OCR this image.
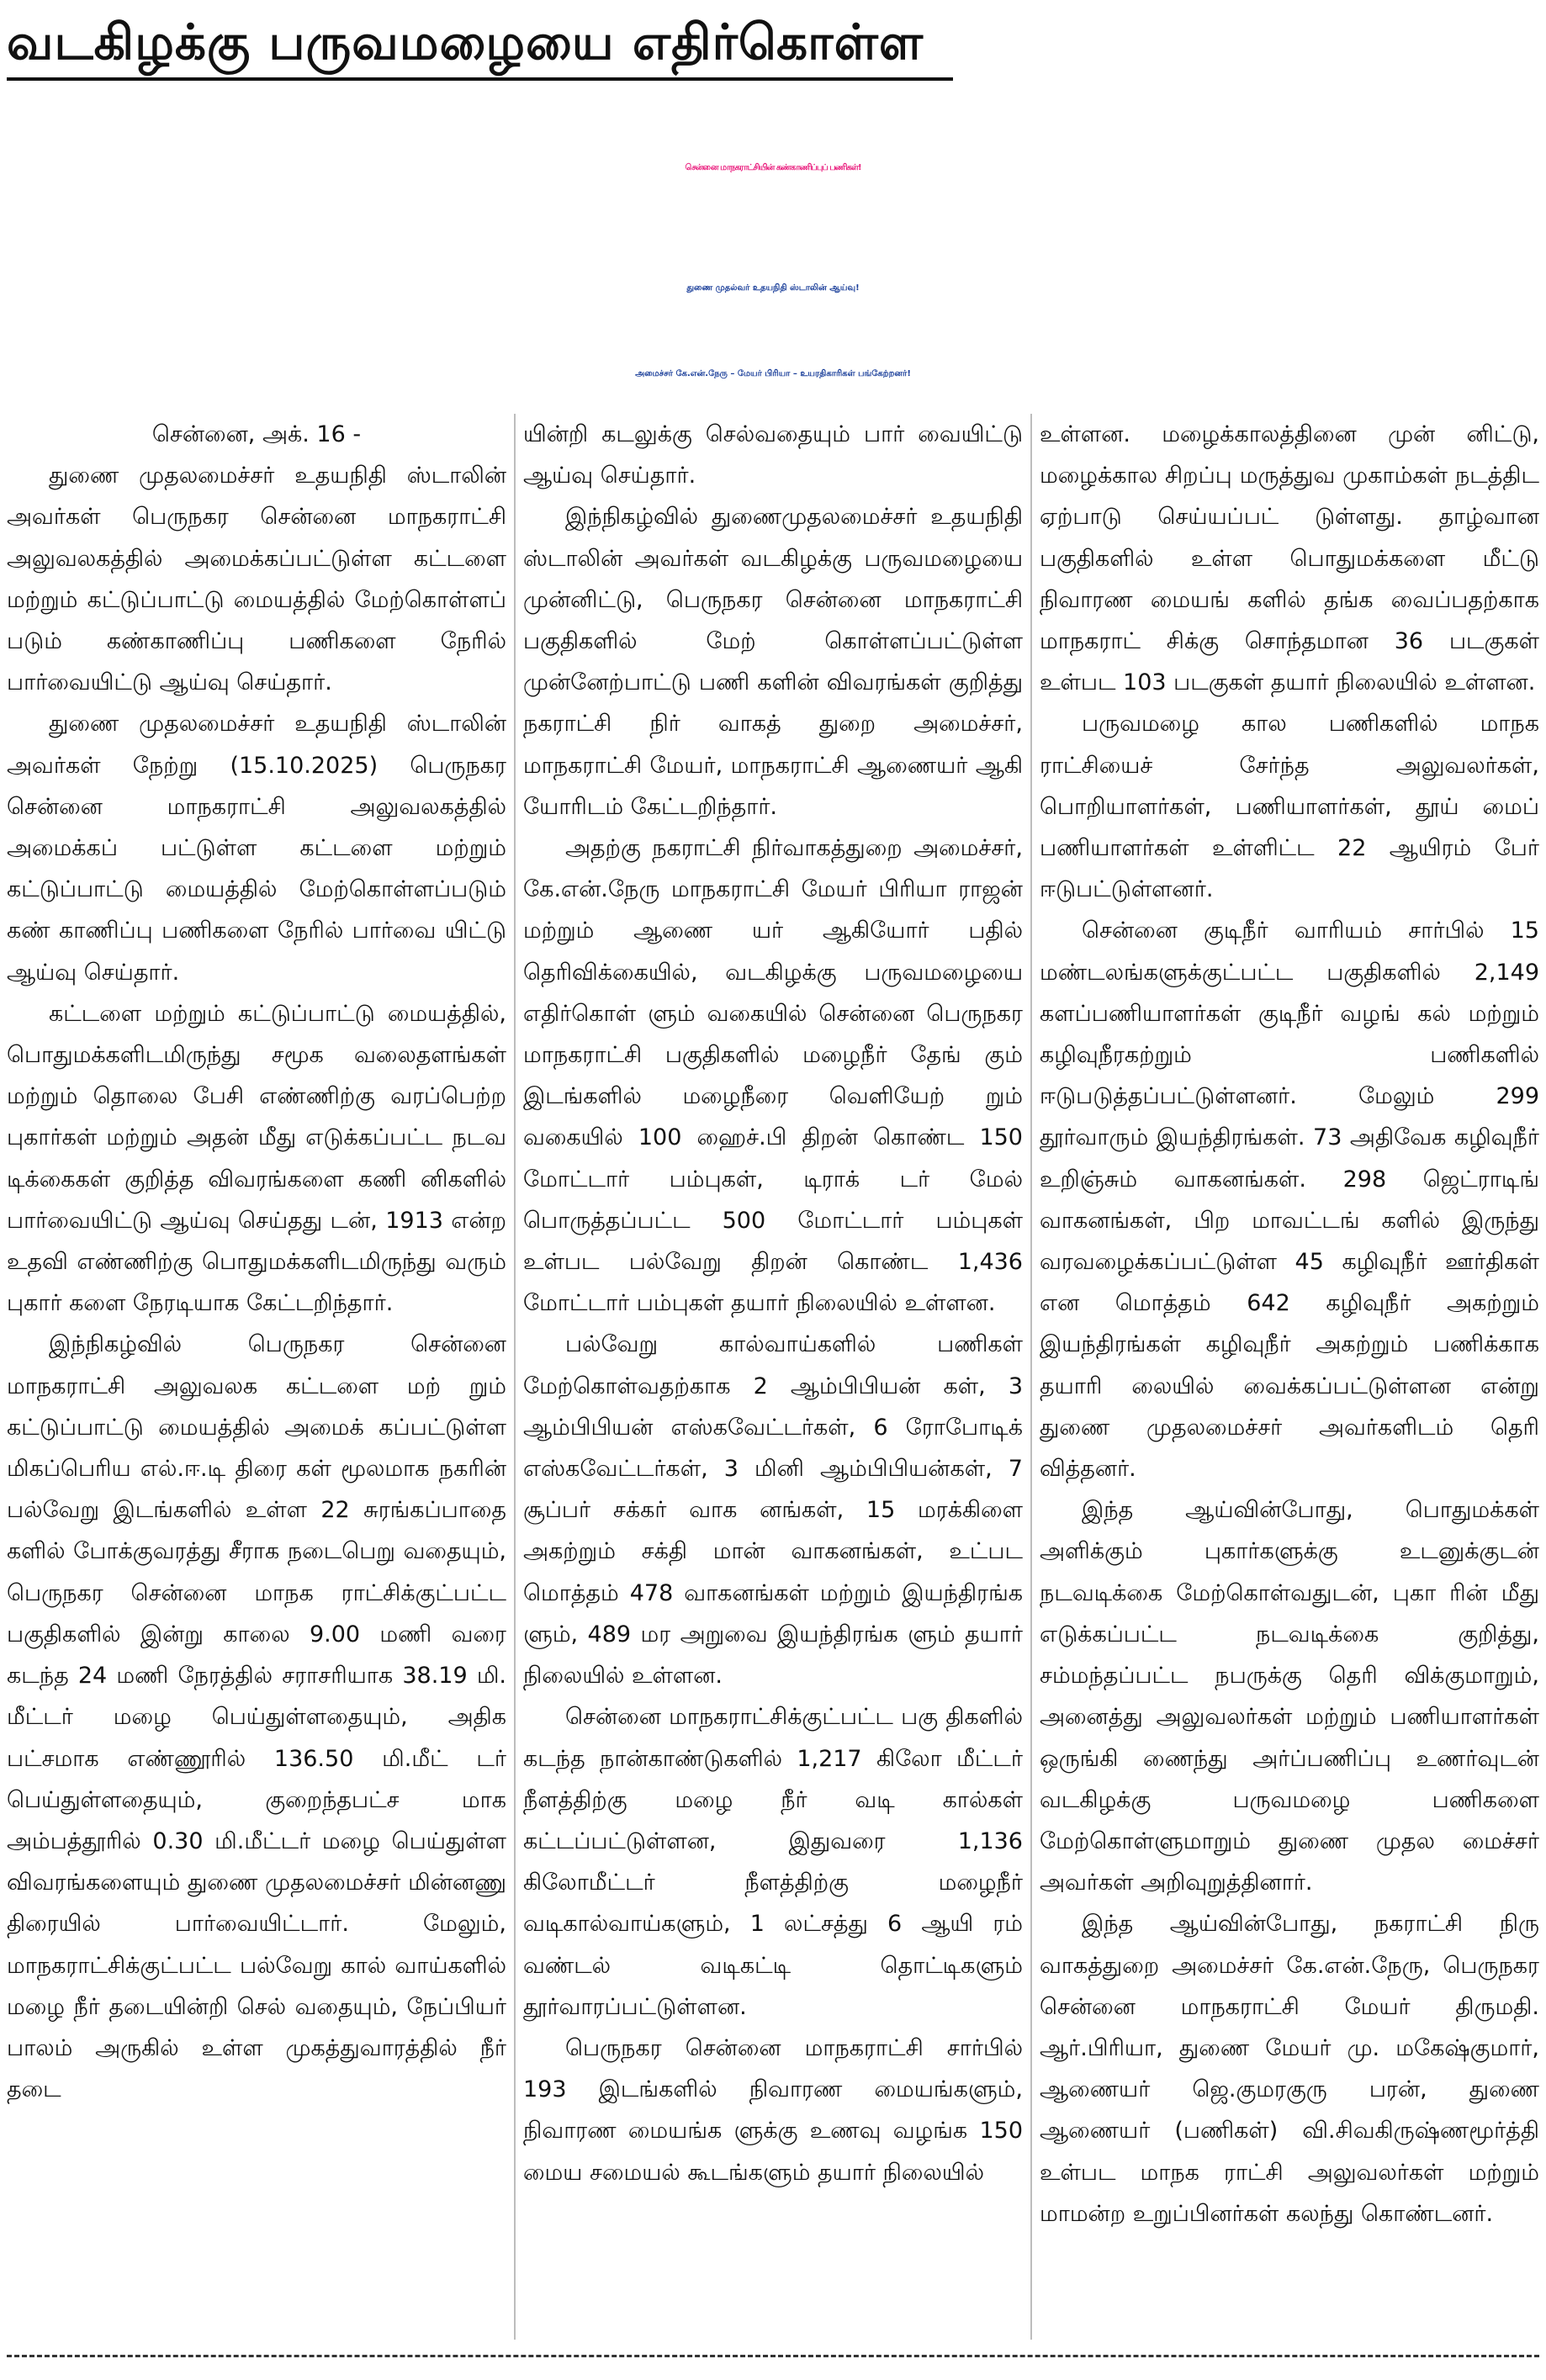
வடகிழக்கு பருவமழையை எதிர்கொள்ள
சென்னை மாநகராட்சியின் கண்காணிப்புப் பணிகள்!
துணை முதல்வர் உதயநிதி ஸ்டாலின் ஆய்வு!
அமைச்சர் கே.என்.நேரு – மேயர் பிரியா – உயரதிகாரிகள் பங்கேற்றனர்!

சென்னை, அக். 16 -

துணை முதலமைச்சர் உதயநிதி ஸ்டாலின் அவர்கள் பெருநகர சென்னை மாநகராட்சி அலுவலகத்தில் அமைக்கப்பட்டுள்ள கட்டளை மற்றும் கட்டுப்பாட்டு மையத்தில் மேற்கொள்ளப் படும் கண்காணிப்பு பணிகளை நேரில் பார்வையிட்டு ஆய்வு செய்தார்.

துணை முதலமைச்சர் உதயநிதி ஸ்டாலின் அவர்கள் நேற்று (15.10.2025) பெருநகர சென்னை மாநகராட்சி அலுவலகத்தில் அமைக்கப் பட்டுள்ள கட்டளை மற்றும் கட்டுப்பாட்டு மையத்தில் மேற்கொள்ளப்படும் கண் காணிப்பு பணிகளை நேரில் பார்வை யிட்டு ஆய்வு செய்தார்.

கட்டளை மற்றும் கட்டுப்பாட்டு மையத்தில், பொதுமக்களிடமிருந்து சமூக வலைதளங்கள் மற்றும் தொலை பேசி எண்ணிற்கு வரப்பெற்ற புகார்கள் மற்றும் அதன் மீது எடுக்கப்பட்ட நடவ டிக்கைகள் குறித்த விவரங்களை கணி னிகளில் பார்வையிட்டு ஆய்வு செய்தது டன், 1913 என்ற உதவி எண்ணிற்கு பொதுமக்களிடமிருந்து வரும் புகார் களை நேரடியாக கேட்டறிந்தார்.

இந்நிகழ்வில் பெருநகர சென்னை மாநகராட்சி அலுவலக கட்டளை மற் றும் கட்டுப்பாட்டு மையத்தில் அமைக் கப்பட்டுள்ள மிகப்பெரிய எல்.ஈ.டி திரை கள் மூலமாக நகரின் பல்வேறு இடங்களில் உள்ள 22 சுரங்கப்பாதை களில் போக்குவரத்து சீராக நடைபெறு வதையும், பெருநகர சென்னை மாநக ராட்சிக்குட்பட்ட பகுதிகளில் இன்று காலை 9.00 மணி வரை கடந்த 24 மணி நேரத்தில் சராசரியாக 38.19 மி. மீட்டர் மழை பெய்துள்ளதையும், அதிக பட்சமாக எண்ணூரில் 136.50 மி.மீட் டர் பெய்துள்ளதையும், குறைந்தபட்ச மாக அம்பத்தூரில் 0.30 மி.மீட்டர் மழை பெய்துள்ள விவரங்களையும் துணை முதலமைச்சர் மின்னணு திரையில் பார்வையிட்டார். மேலும், மாநகராட்சிக்குட்பட்ட பல்வேறு கால் வாய்களில் மழை நீர் தடையின்றி செல் வதையும், நேப்பியர் பாலம் அருகில் உள்ள முகத்துவாரத்தில் நீர் தடை

யின்றி கடலுக்கு செல்வதையும் பார் வையிட்டு ஆய்வு செய்தார்.

இந்நிகழ்வில் துணைமுதலமைச்சர் உதயநிதி ஸ்டாலின் அவர்கள் வடகிழக்கு பருவமழையை முன்னிட்டு, பெருநகர சென்னை மாநகராட்சி பகுதிகளில் மேற் கொள்ளப்பட்டுள்ள முன்னேற்பாட்டு பணி களின் விவரங்கள் குறித்து நகராட்சி நிர் வாகத் துறை அமைச்சர், மாநகராட்சி மேயர், மாநகராட்சி ஆணையர் ஆகி யோரிடம் கேட்டறிந்தார்.

அதற்கு நகராட்சி நிர்வாகத்துறை அமைச்சர், கே.என்.நேரு மாநகராட்சி மேயர் பிரியா ராஜன் மற்றும் ஆணை யர் ஆகியோர் பதில் தெரிவிக்கையில், வடகிழக்கு பருவமழையை எதிர்கொள் ளும் வகையில் சென்னை பெருநகர மாநகராட்சி பகுதிகளில் மழைநீர் தேங் கும் இடங்களில் மழைநீரை வெளியேற் றும் வகையில் 100 ஹைச்.பி திறன் கொண்ட 150 மோட்டார் பம்புகள், டிராக் டர் மேல் பொருத்தப்பட்ட 500 மோட்டார் பம்புகள் உள்பட பல்வேறு திறன் கொண்ட 1,436 மோட்டார் பம்புகள் தயார் நிலையில் உள்ளன.

பல்வேறு கால்வாய்களில் பணிகள் மேற்கொள்வதற்காக 2 ஆம்பிபியன் கள், 3 ஆம்பிபியன் எஸ்கவேட்டர்கள், 6 ரோபோடிக் எஸ்கவேட்டர்கள், 3 மினி ஆம்பிபியன்கள், 7 சூப்பர் சக்கர் வாக னங்கள், 15 மரக்கிளை அகற்றும் சக்தி மான் வாகனங்கள், உட்பட மொத்தம் 478 வாகனங்கள் மற்றும் இயந்திரங்க ளும், 489 மர அறுவை இயந்திரங்க ளும் தயார் நிலையில் உள்ளன.

சென்னை மாநகராட்சிக்குட்பட்ட பகு திகளில் கடந்த நான்காண்டுகளில் 1,217 கிலோ மீட்டர் நீளத்திற்கு மழை நீர் வடி கால்கள் கட்டப்பட்டுள்ளன, இதுவரை 1,136 கிலோமீட்டர் நீளத்திற்கு மழைநீர் வடிகால்வாய்களும், 1 லட்சத்து 6 ஆயி ரம் வண்டல் வடிகட்டி தொட்டிகளும் தூர்வாரப்பட்டுள்ளன.

பெருநகர சென்னை மாநகராட்சி சார்பில் 193 இடங்களில் நிவாரண மையங்களும், நிவாரண மையங்க ளுக்கு உணவு வழங்க 150 மைய சமையல் கூடங்களும் தயார் நிலையில்

உள்ளன. மழைக்காலத்தினை முன் னிட்டு, மழைக்கால சிறப்பு மருத்துவ முகாம்கள் நடத்திட ஏற்பாடு செய்யப்பட் டுள்ளது. தாழ்வான பகுதிகளில் உள்ள பொதுமக்களை மீட்டு நிவாரண மையங் களில் தங்க வைப்பதற்காக மாநகராட் சிக்கு சொந்தமான 36 படகுகள் உள்பட 103 படகுகள் தயார் நிலையில் உள்ளன.

பருவமழை கால பணிகளில் மாநக ராட்சியைச் சேர்ந்த அலுவலர்கள், பொறியாளர்கள், பணியாளர்கள், தூய் மைப் பணியாளர்கள் உள்ளிட்ட 22 ஆயிரம் பேர் ஈடுபட்டுள்ளனர்.

சென்னை குடிநீர் வாரியம் சார்பில் 15 மண்டலங்களுக்குட்பட்ட பகுதிகளில் 2,149 களப்பணியாளர்கள் குடிநீர் வழங் கல் மற்றும் கழிவுநீரகற்றும் பணிகளில் ஈடுபடுத்தப்பட்டுள்ளனர். மேலும் 299 தூர்வாரும் இயந்திரங்கள். 73 அதிவேக கழிவுநீர் உறிஞ்சும் வாகனங்கள். 298 ஜெட்ராடிங் வாகனங்கள், பிற மாவட்டங் களில் இருந்து வரவழைக்கப்பட்டுள்ள 45 கழிவுநீர் ஊர்திகள் என மொத்தம் 642 கழிவுநீர் அகற்றும் இயந்திரங்கள் கழிவுநீர் அகற்றும் பணிக்காக தயாரி லையில் வைக்கப்பட்டுள்ளன என்று துணை முதலமைச்சர் அவர்களிடம் தெரி வித்தனர்.

இந்த ஆய்வின்போது, பொதுமக்கள் அளிக்கும் புகார்களுக்கு உடனுக்குடன் நடவடிக்கை மேற்கொள்வதுடன், புகா ரின் மீது எடுக்கப்பட்ட நடவடிக்கை குறித்து, சம்மந்தப்பட்ட நபருக்கு தெரி விக்குமாறும், அனைத்து அலுவலர்கள் மற்றும் பணியாளர்கள் ஒருங்கி ணைந்து அர்ப்பணிப்பு உணர்வுடன் வடகிழக்கு பருவமழை பணிகளை மேற்கொள்ளுமாறும் துணை முதல மைச்சர் அவர்கள் அறிவுறுத்தினார்.

இந்த ஆய்வின்போது, நகராட்சி நிரு வாகத்துறை அமைச்சர் கே.என்.நேரு, பெருநகர சென்னை மாநகராட்சி மேயர் திருமதி. ஆர்.பிரியா, துணை மேயர் மு. மகேஷ்குமார், ஆணையர் ஜெ.குமரகுரு பரன், துணை ஆணையர் (பணிகள்) வி.சிவகிருஷ்ணமூர்த்தி உள்பட மாநக ராட்சி அலுவலர்கள் மற்றும் மாமன்ற உறுப்பினர்கள் கலந்து கொண்டனர்.
